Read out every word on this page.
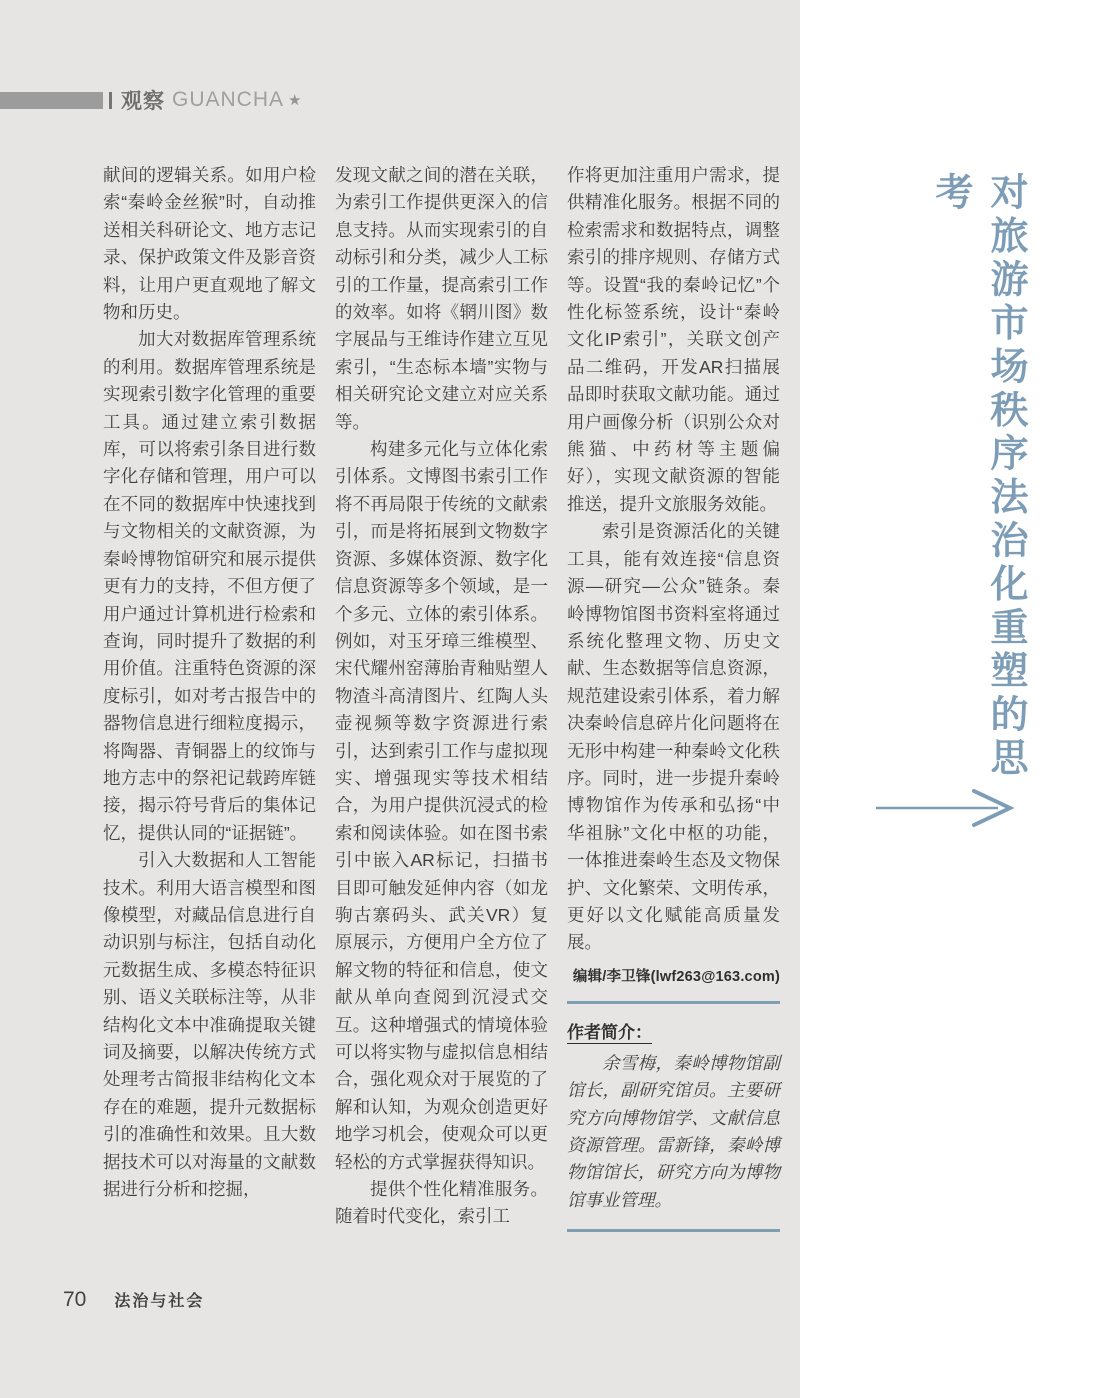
观察 GUANCHA ★

献间的逻辑关系。如用户检索“秦岭金丝猴”时，自动推送相关科研论文、地方志记录、保护政策文件及影音资料，让用户更直观地了解文物和历史。

加大对数据库管理系统的利用。数据库管理系统是实现索引数字化管理的重要工具。通过建立索引数据库，可以将索引条目进行数字化存储和管理，用户可以在不同的数据库中快速找到与文物相关的文献资源，为秦岭博物馆研究和展示提供更有力的支持，不但方便了用户通过计算机进行检索和查询，同时提升了数据的利用价值。注重特色资源的深度标引，如对考古报告中的器物信息进行细粒度揭示，将陶器、青铜器上的纹饰与地方志中的祭祀记载跨库链接，揭示符号背后的集体记忆，提供认同的“证据链”。

引入大数据和人工智能技术。利用大语言模型和图像模型，对藏品信息进行自动识别与标注，包括自动化元数据生成、多模态特征识别、语义关联标注等，从非结构化文本中准确提取关键词及摘要，以解决传统方式处理考古简报非结构化文本存在的难题，提升元数据标引的准确性和效果。且大数据技术可以对海量的文献数据进行分析和挖掘，

发现文献之间的潜在关联，为索引工作提供更深入的信息支持。从而实现索引的自动标引和分类，减少人工标引的工作量，提高索引工作的效率。如将《辋川图》数字展品与王维诗作建立互见索引，“生态标本墙”实物与相关研究论文建立对应关系等。

构建多元化与立体化索引体系。文博图书索引工作将不再局限于传统的文献索引，而是将拓展到文物数字资源、多媒体资源、数字化信息资源等多个领域，是一个多元、立体的索引体系。例如，对玉牙璋三维模型、宋代耀州窑薄胎青釉贴塑人物渣斗高清图片、红陶人头壶视频等数字资源进行索引，达到索引工作与虚拟现实、增强现实等技术相结合，为用户提供沉浸式的检索和阅读体验。如在图书索引中嵌入AR标记，扫描书目即可触发延伸内容（如龙驹古寨码头、武关VR）复原展示，方便用户全方位了解文物的特征和信息，使文献从单向查阅到沉浸式交互。这种增强式的情境体验可以将实物与虚拟信息相结合，强化观众对于展览的了解和认知，为观众创造更好地学习机会，使观众可以更轻松的方式掌握获得知识。

提供个性化精准服务。随着时代变化，索引工

作将更加注重用户需求，提供精准化服务。根据不同的检索需求和数据特点，调整索引的排序规则、存储方式等。设置“我的秦岭记忆”个性化标签系统，设计“秦岭文化IP索引”，关联文创产品二维码，开发AR扫描展品即时获取文献功能。通过用户画像分析（识别公众对熊猫、中药材等主题偏好），实现文献资源的智能推送，提升文旅服务效能。

索引是资源活化的关键工具，能有效连接“信息资源—研究—公众”链条。秦岭博物馆图书资料室将通过系统化整理文物、历史文献、生态数据等信息资源，规范建设索引体系，着力解决秦岭信息碎片化问题将在无形中构建一种秦岭文化秩序。同时，进一步提升秦岭博物馆作为传承和弘扬“中华祖脉”文化中枢的功能，一体推进秦岭生态及文物保护、文化繁荣、文明传承，更好以文化赋能高质量发展。

编辑/李卫锋(lwf263@163.com)
作者简介：

余雪梅，秦岭博物馆副馆长，副研究馆员。主要研究方向博物馆学、文献信息资源管理。雷新锋，秦岭博物馆馆长，研究方向为博物馆事业管理。

70 法治与社会
对旅游市场秩序法治化重塑的思考
